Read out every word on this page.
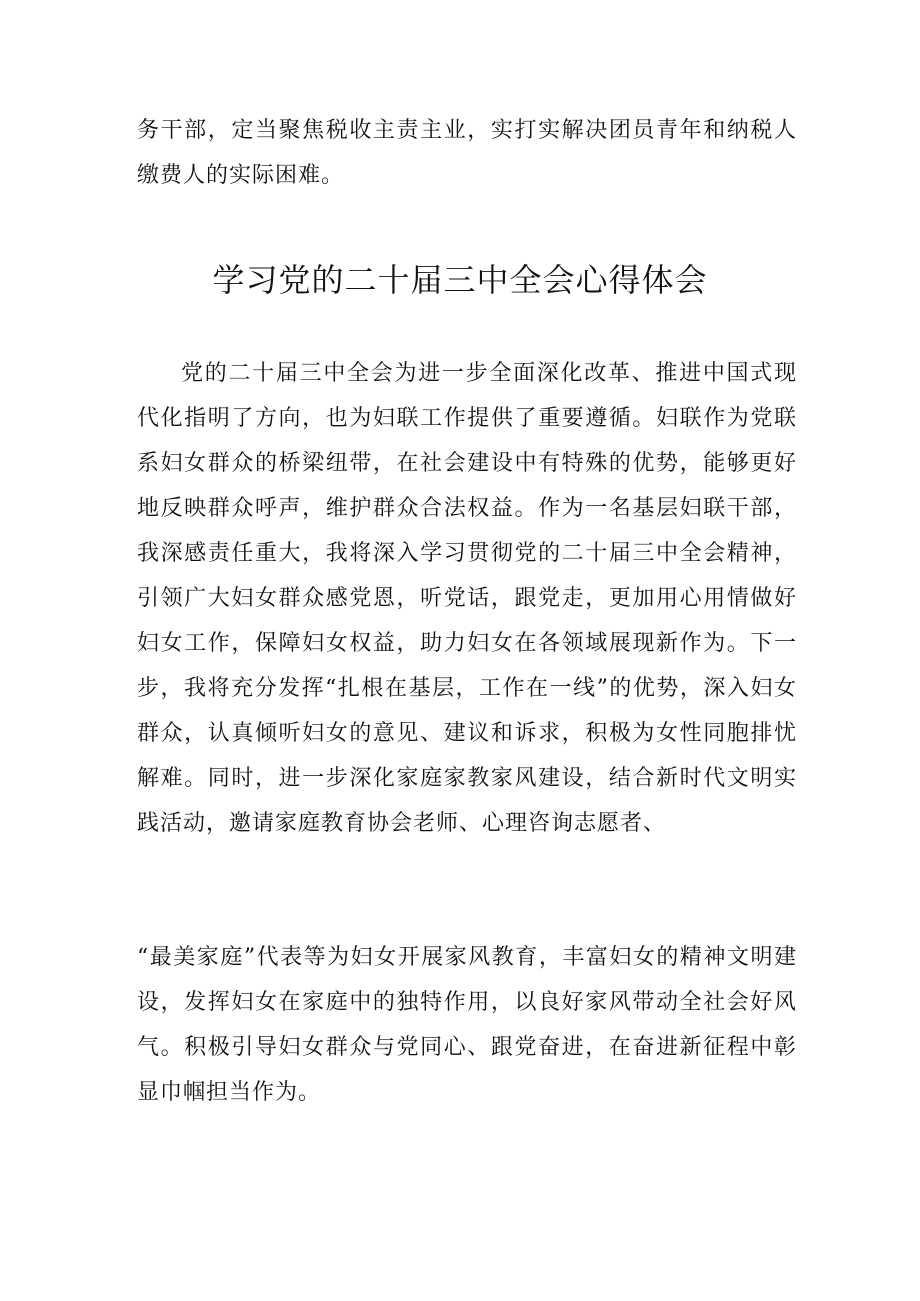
务干部，定当聚焦税收主责主业，实打实解决团员青年和纳税人缴费人的实际困难。

学习党的二十届三中全会心得体会

党的二十届三中全会为进一步全面深化改革、推进中国式现代化指明了方向，也为妇联工作提供了重要遵循。妇联作为党联系妇女群众的桥梁纽带，在社会建设中有特殊的优势，能够更好地反映群众呼声，维护群众合法权益。作为一名基层妇联干部，我深感责任重大，我将深入学习贯彻党的二十届三中全会精神，引领广大妇女群众感党恩，听党话，跟党走，更加用心用情做好妇女工作，保障妇女权益，助力妇女在各领域展现新作为。下一步，我将充分发挥“扎根在基层，工作在一线”的优势，深入妇女群众，认真倾听妇女的意见、建议和诉求，积极为女性同胞排忧解难。同时，进一步深化家庭家教家风建设，结合新时代文明实践活动，邀请家庭教育协会老师、心理咨询志愿者、

“最美家庭”代表等为妇女开展家风教育，丰富妇女的精神文明建设，发挥妇女在家庭中的独特作用，以良好家风带动全社会好风气。积极引导妇女群众与党同心、跟党奋进，在奋进新征程中彰显巾帼担当作为。
